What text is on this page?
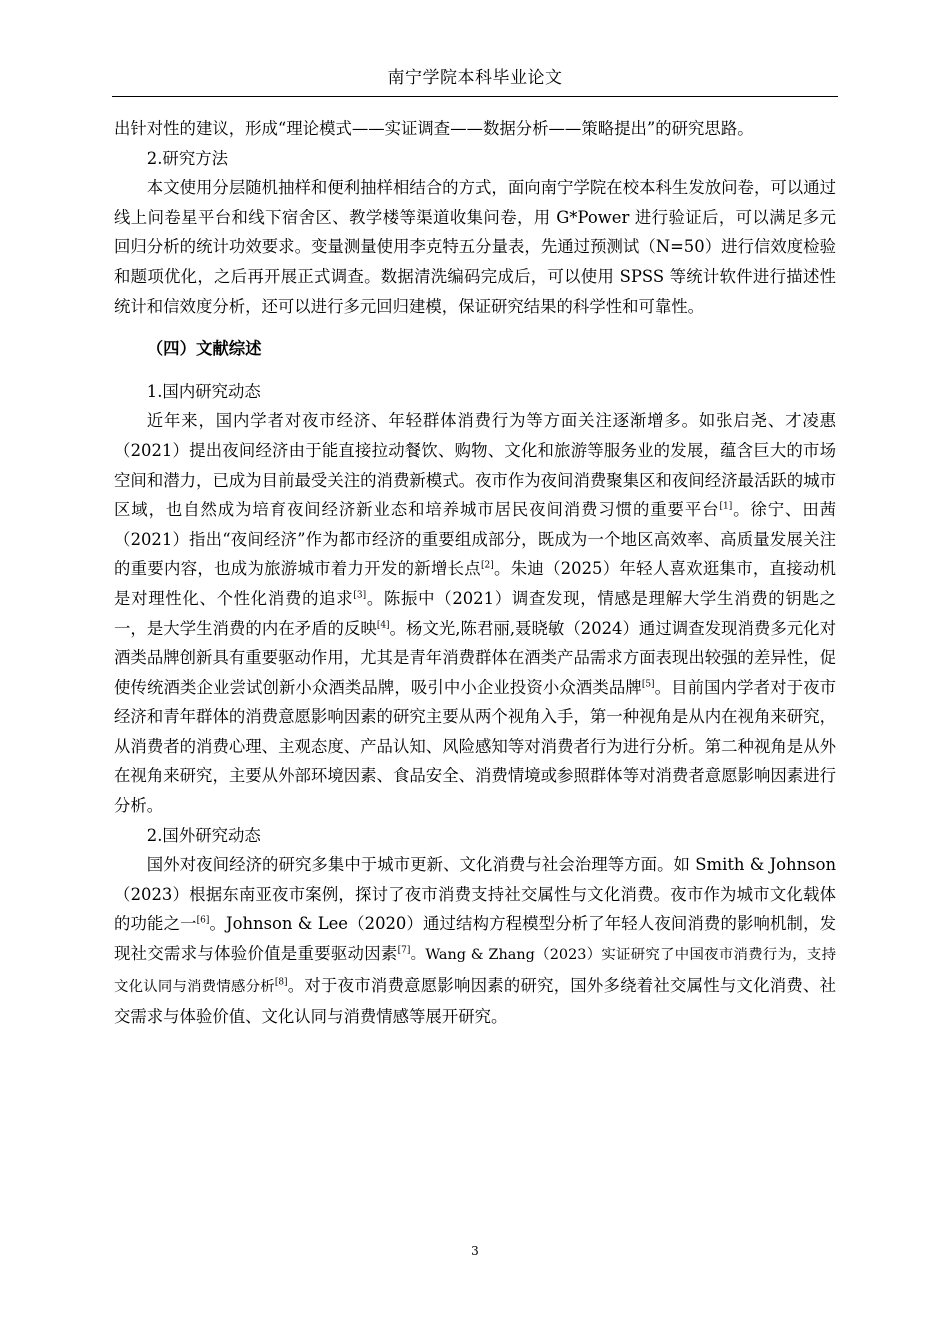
南宁学院本科毕业论文

出针对性的建议，形成“理论模式——实证调查——数据分析——策略提出”的研究思路。

2.研究方法

本文使用分层随机抽样和便利抽样相结合的方式，面向南宁学院在校本科生发放问卷，可以通过线上问卷星平台和线下宿舍区、教学楼等渠道收集问卷，用 G*Power 进行验证后，可以满足多元回归分析的统计功效要求。变量测量使用李克特五分量表，先通过预测试（N=50）进行信效度检验和题项优化，之后再开展正式调查。数据清洗编码完成后，可以使用 SPSS 等统计软件进行描述性统计和信效度分析，还可以进行多元回归建模，保证研究结果的科学性和可靠性。

（四）文献综述

1.国内研究动态

近年来，国内学者对夜市经济、年轻群体消费行为等方面关注逐渐增多。如张启尧、才凌惠（2021）提出夜间经济由于能直接拉动餐饮、购物、文化和旅游等服务业的发展，蕴含巨大的市场空间和潜力，已成为目前最受关注的消费新模式。夜市作为夜间消费聚集区和夜间经济最活跃的城市区域，也自然成为培育夜间经济新业态和培养城市居民夜间消费习惯的重要平台[1]。徐宁、田茜（2021）指出“夜间经济”作为都市经济的重要组成部分，既成为一个地区高效率、高质量发展关注的重要内容，也成为旅游城市着力开发的新增长点[2]。朱迪（2025）年轻人喜欢逛集市，直接动机是对理性化、个性化消费的追求[3]。陈振中（2021）调查发现，情感是理解大学生消费的钥匙之一，是大学生消费的内在矛盾的反映[4]。杨文光,陈君丽,聂晓敏（2024）通过调查发现消费多元化对酒类品牌创新具有重要驱动作用，尤其是青年消费群体在酒类产品需求方面表现出较强的差异性，促使传统酒类企业尝试创新小众酒类品牌，吸引中小企业投资小众酒类品牌[5]。目前国内学者对于夜市经济和青年群体的消费意愿影响因素的研究主要从两个视角入手，第一种视角是从内在视角来研究，从消费者的消费心理、主观态度、产品认知、风险感知等对消费者行为进行分析。第二种视角是从外在视角来研究，主要从外部环境因素、食品安全、消费情境或参照群体等对消费者意愿影响因素进行分析。

2.国外研究动态

国外对夜间经济的研究多集中于城市更新、文化消费与社会治理等方面。如 Smith & Johnson（2023）根据东南亚夜市案例，探讨了夜市消费支持社交属性与文化消费。夜市作为城市文化载体的功能之一[6]。Johnson & Lee（2020）通过结构方程模型分析了年轻人夜间消费的影响机制，发现社交需求与体验价值是重要驱动因素[7]。Wang & Zhang（2023）实证研究了中国夜市消费行为，支持文化认同与消费情感分析[8]。对于夜市消费意愿影响因素的研究，国外多绕着社交属性与文化消费、社交需求与体验价值、文化认同与消费情感等展开研究。

3
